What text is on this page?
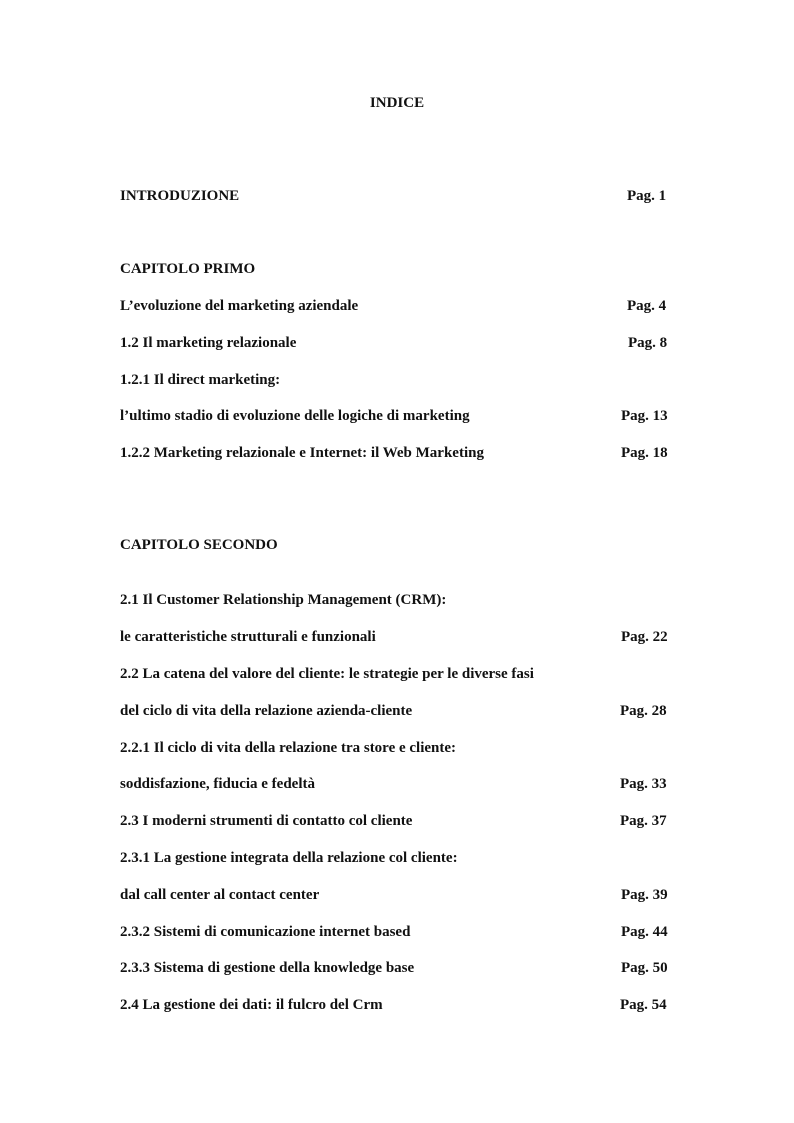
INDICE
INTRODUZIONE	Pag. 1
CAPITOLO PRIMO
L’evoluzione del marketing aziendale	Pag. 4
1.2 Il marketing relazionale	Pag. 8
1.2.1 Il direct marketing:
l’ultimo stadio di evoluzione delle logiche di marketing	Pag. 13
1.2.2 Marketing relazionale e Internet: il Web Marketing	Pag. 18
CAPITOLO SECONDO
2.1 Il Customer Relationship Management (CRM):
le caratteristiche strutturali e funzionali	Pag. 22
2.2 La catena del valore del cliente: le strategie per le diverse fasi
del ciclo di vita della relazione azienda-cliente	Pag. 28
2.2.1 Il ciclo di vita della relazione tra store e cliente:
soddisfazione, fiducia e fedeltà	Pag. 33
2.3 I moderni strumenti di contatto col cliente	Pag. 37
2.3.1 La gestione integrata della relazione col cliente:
dal call center al contact center	Pag. 39
2.3.2 Sistemi di comunicazione internet based	Pag. 44
2.3.3 Sistema di gestione della knowledge base	Pag. 50
2.4 La gestione dei dati: il fulcro del Crm	Pag. 54
